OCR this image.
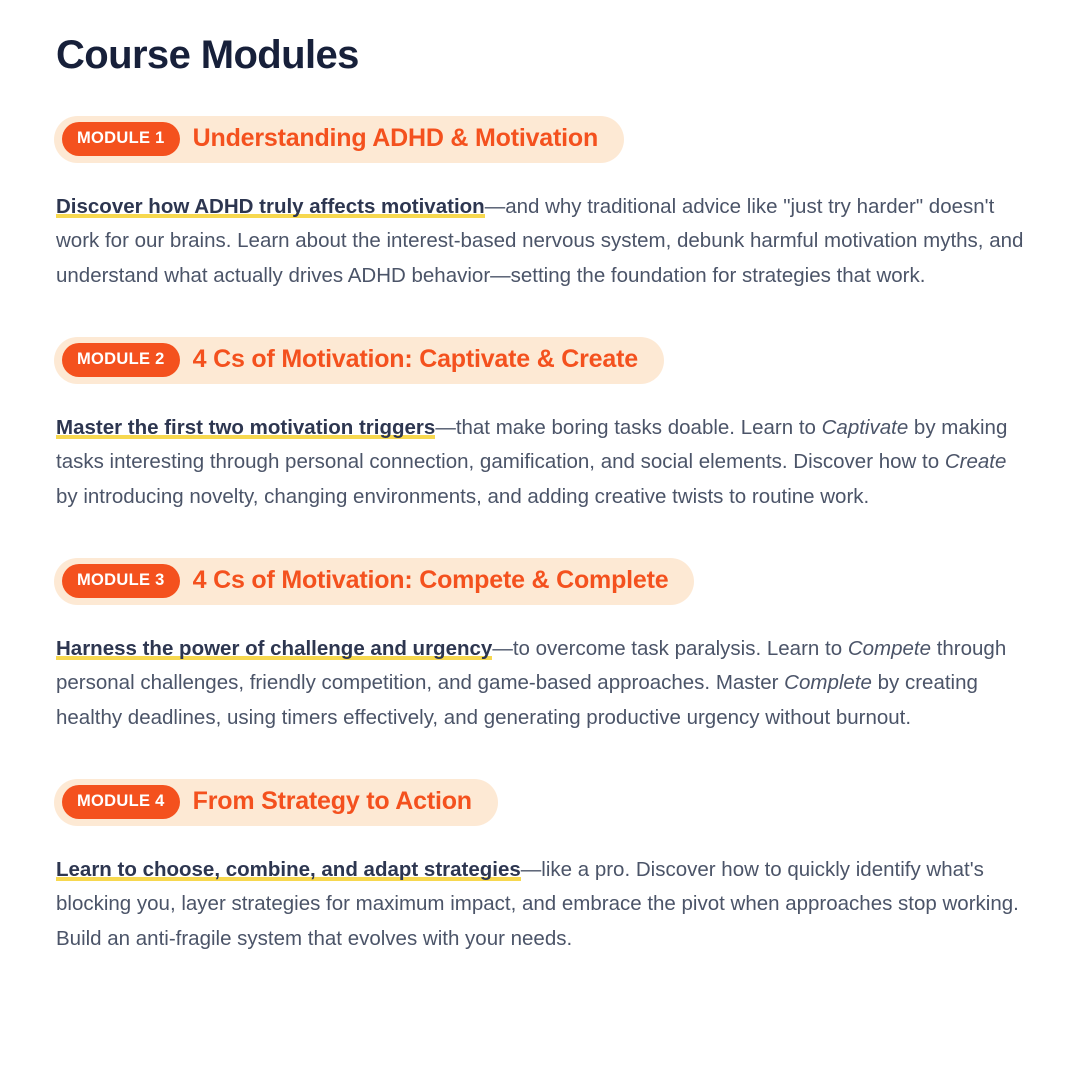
Course Modules
MODULE 1	Understanding ADHD & Motivation

Discover how ADHD truly affects motivation—and why traditional advice like "just try harder" doesn't work for our brains. Learn about the interest-based nervous system, debunk harmful motivation myths, and understand what actually drives ADHD behavior—setting the foundation for strategies that work.

MODULE 2	4 Cs of Motivation: Captivate & Create

Master the first two motivation triggers—that make boring tasks doable. Learn to Captivate by making tasks interesting through personal connection, gamification, and social elements. Discover how to Create by introducing novelty, changing environments, and adding creative twists to routine work.

MODULE 3	4 Cs of Motivation: Compete & Complete

Harness the power of challenge and urgency—to overcome task paralysis. Learn to Compete through personal challenges, friendly competition, and game-based approaches. Master Complete by creating healthy deadlines, using timers effectively, and generating productive urgency without burnout.

MODULE 4	From Strategy to Action

Learn to choose, combine, and adapt strategies—like a pro. Discover how to quickly identify what's blocking you, layer strategies for maximum impact, and embrace the pivot when approaches stop working. Build an anti-fragile system that evolves with your needs.
